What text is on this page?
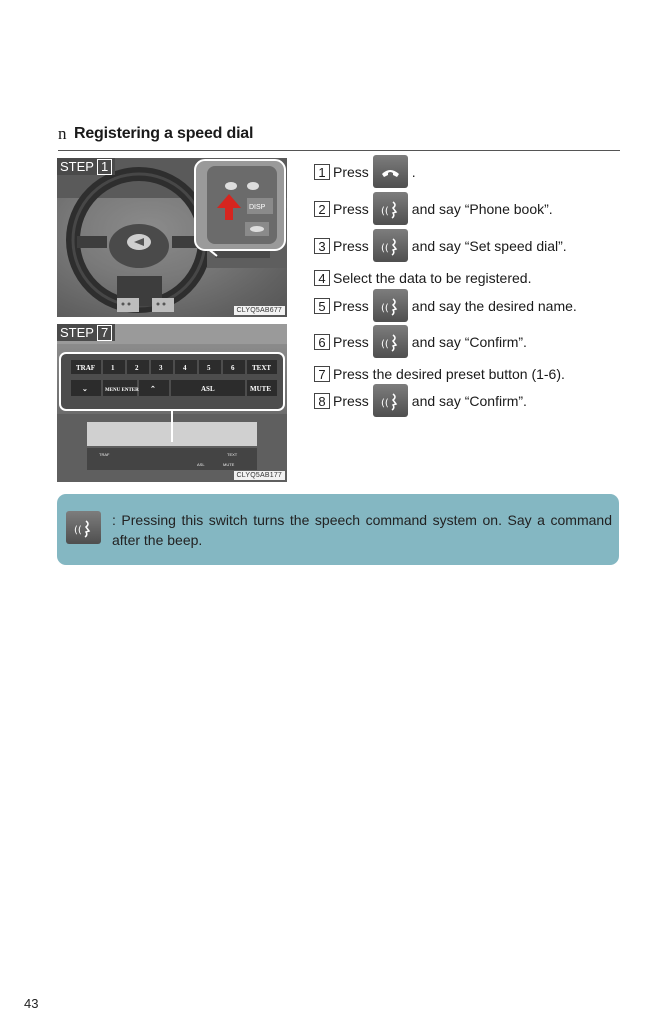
n Registering a speed dial
DISP
STEP 1
CLYQ5AB677
TRAF 1	2	3	4	5	6	TEXT
⌄	MENU ENTER ⌃	ASL	MUTE
TRAF	TEXT
ASL	MUTE
STEP 7
CLYQ5AB177
1 Press	.
2 Press (( and say “Phone book”.
3 Press (( and say “Set speed dial”.
4 Select the data to be registered.
5 Press (( and say the desired name.
6 Press (( and say “Confirm”.
7 Press the desired preset button (1-6).
8 Press (( and say “Confirm”.
((
: Pressing this switch turns the speech command system on. Say a command after the beep.
43
